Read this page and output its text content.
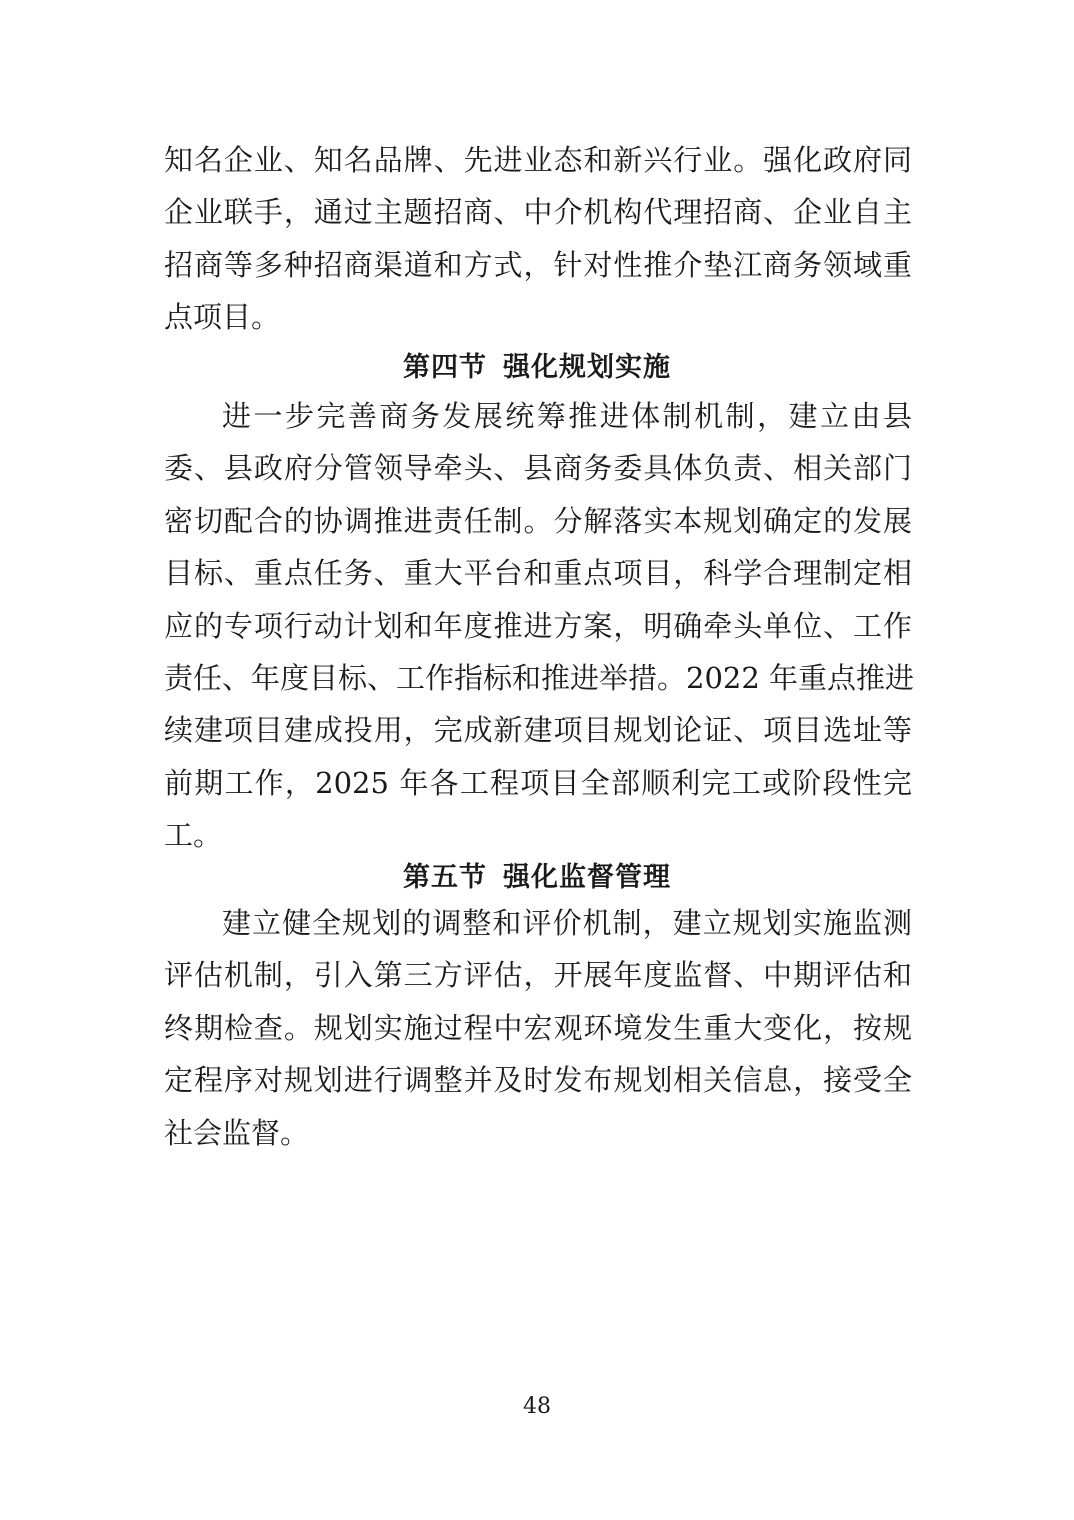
知名企业、知名品牌、先进业态和新兴行业。强化政府同
企业联手，通过主题招商、中介机构代理招商、企业自主
招商等多种招商渠道和方式，针对性推介垫江商务领域重
点项目。
第四节 强化规划实施
进一步完善商务发展统筹推进体制机制，建立由县
委、县政府分管领导牵头、县商务委具体负责、相关部门
密切配合的协调推进责任制。分解落实本规划确定的发展
目标、重点任务、重大平台和重点项目，科学合理制定相
应的专项行动计划和年度推进方案，明确牵头单位、工作
责任、年度目标、工作指标和推进举措。2022 年重点推进
续建项目建成投用，完成新建项目规划论证、项目选址等
前期工作，2025 年各工程项目全部顺利完工或阶段性完
工。
第五节 强化监督管理
建立健全规划的调整和评价机制，建立规划实施监测
评估机制，引入第三方评估，开展年度监督、中期评估和
终期检查。规划实施过程中宏观环境发生重大变化，按规
定程序对规划进行调整并及时发布规划相关信息，接受全
社会监督。
48
